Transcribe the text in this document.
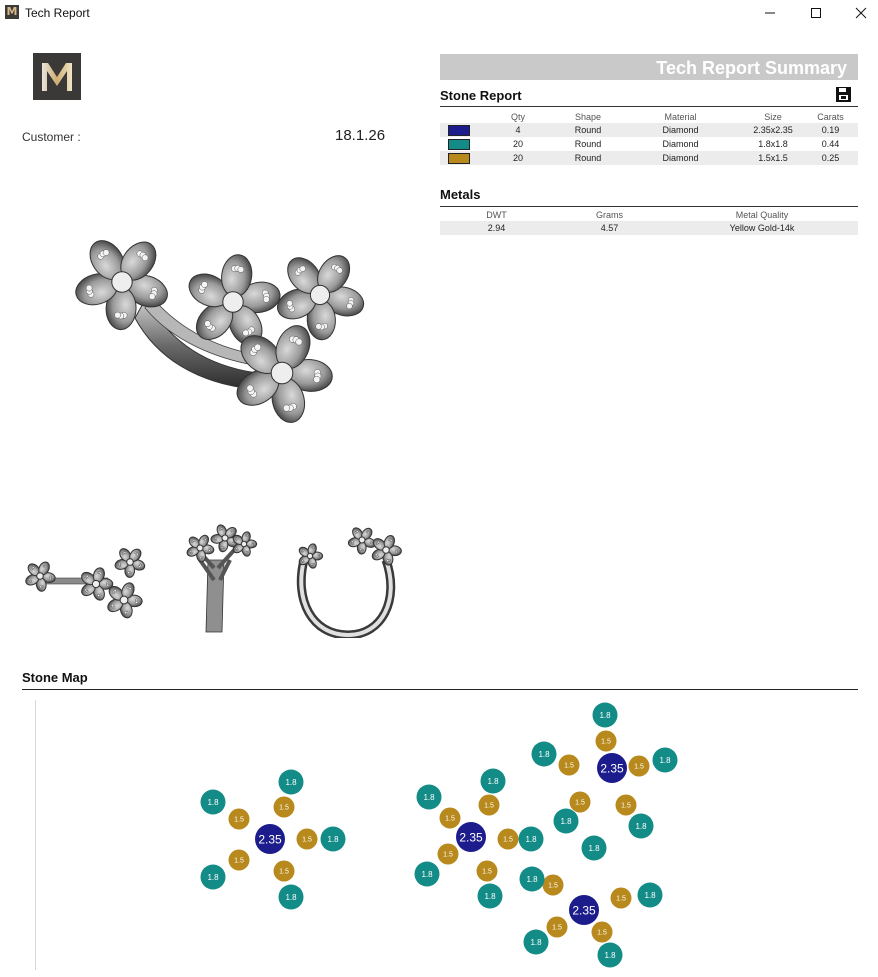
M Tech Report
Customer :	18.1.26
Tech Report Summary
Stone Report
	Qty	Shape	Material	Size	Carats
	4	Round	Diamond	2.35x2.35	0.19
	20	Round	Diamond	1.8x1.8	0.44
	20	Round	Diamond	1.5x1.5	0.25
Metals
DWT	Grams	Metal Quality
2.94	4.57	Yellow Gold-14k
Stone Map
2.35
1.5
1.5
1.5
1.5
1.5
1.8
1.8
1.8
1.8
1.8
2.35
1.5
1.5
1.5
1.5
1.5
1.8
1.8
1.8
1.8
1.8
2.35
1.5
1.5
1.5
1.5	1.5
1.8
1.8
1.8
1.8
1.8
2.35
1.5
1.5
1.5
1.5
1.8
1.8
1.8
1.8
1.8
